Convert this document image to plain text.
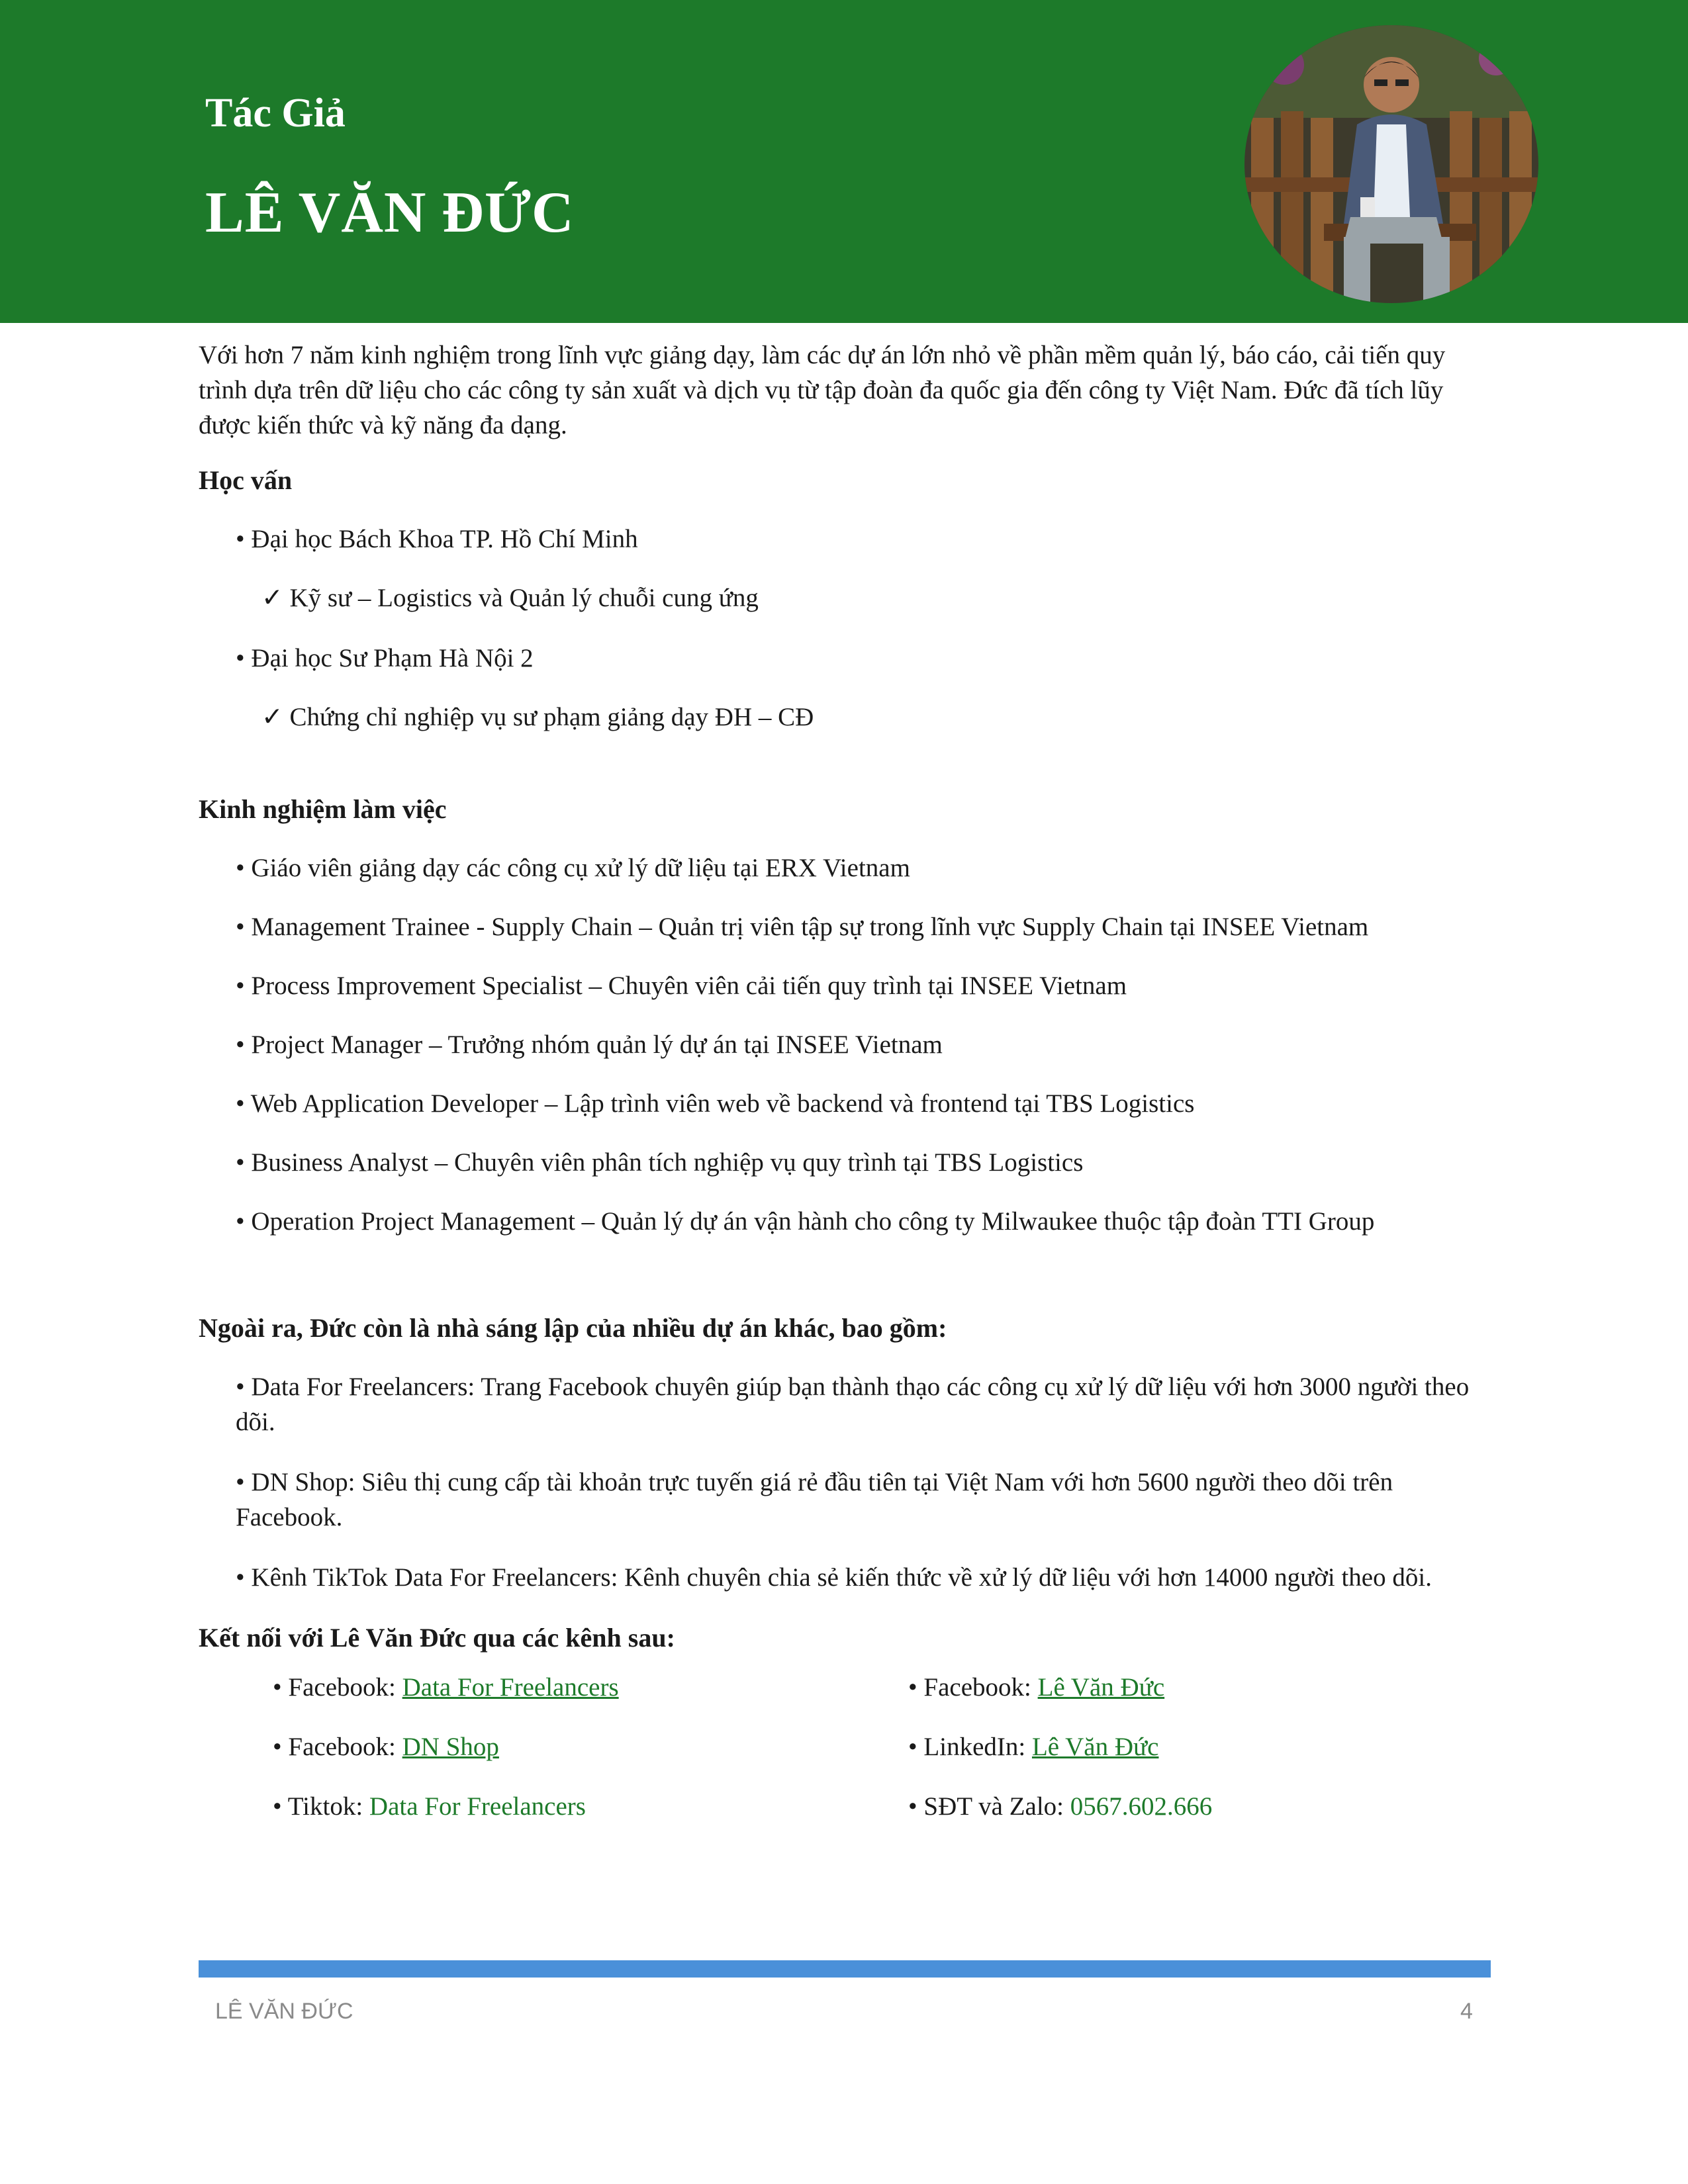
Tác Giả
LÊ VĂN ĐỨC

Với hơn 7 năm kinh nghiệm trong lĩnh vực giảng dạy, làm các dự án lớn nhỏ về phần mềm quản lý, báo cáo, cải tiến quy trình dựa trên dữ liệu cho các công ty sản xuất và dịch vụ từ tập đoàn đa quốc gia đến công ty Việt Nam. Đức đã tích lũy được kiến thức và kỹ năng đa dạng.

Học vấn

• Đại học Bách Khoa TP. Hồ Chí Minh
✓ Kỹ sư – Logistics và Quản lý chuỗi cung ứng
• Đại học Sư Phạm Hà Nội 2
✓ Chứng chỉ nghiệp vụ sư phạm giảng dạy ĐH – CĐ

Kinh nghiệm làm việc

• Giáo viên giảng dạy các công cụ xử lý dữ liệu tại ERX Vietnam
• Management Trainee - Supply Chain – Quản trị viên tập sự trong lĩnh vực Supply Chain tại INSEE Vietnam
• Process Improvement Specialist – Chuyên viên cải tiến quy trình tại INSEE Vietnam
• Project Manager – Trưởng nhóm quản lý dự án tại INSEE Vietnam
• Web Application Developer – Lập trình viên web về backend và frontend tại TBS Logistics
• Business Analyst – Chuyên viên phân tích nghiệp vụ quy trình tại TBS Logistics
• Operation Project Management – Quản lý dự án vận hành cho công ty Milwaukee thuộc tập đoàn TTI Group

Ngoài ra, Đức còn là nhà sáng lập của nhiều dự án khác, bao gồm:

• Data For Freelancers: Trang Facebook chuyên giúp bạn thành thạo các công cụ xử lý dữ liệu với hơn 3000 người theo dõi.
• DN Shop: Siêu thị cung cấp tài khoản trực tuyến giá rẻ đầu tiên tại Việt Nam với hơn 5600 người theo dõi trên Facebook.
• Kênh TikTok Data For Freelancers: Kênh chuyên chia sẻ kiến thức về xử lý dữ liệu với hơn 14000 người theo dõi.

Kết nối với Lê Văn Đức qua các kênh sau:

• Facebook: Data For Freelancers	• Facebook: Lê Văn Đức
• Facebook: DN Shop	• LinkedIn: Lê Văn Đức
• Tiktok: Data For Freelancers	• SĐT và Zalo: 0567.602.666
LÊ VĂN ĐỨC	4
